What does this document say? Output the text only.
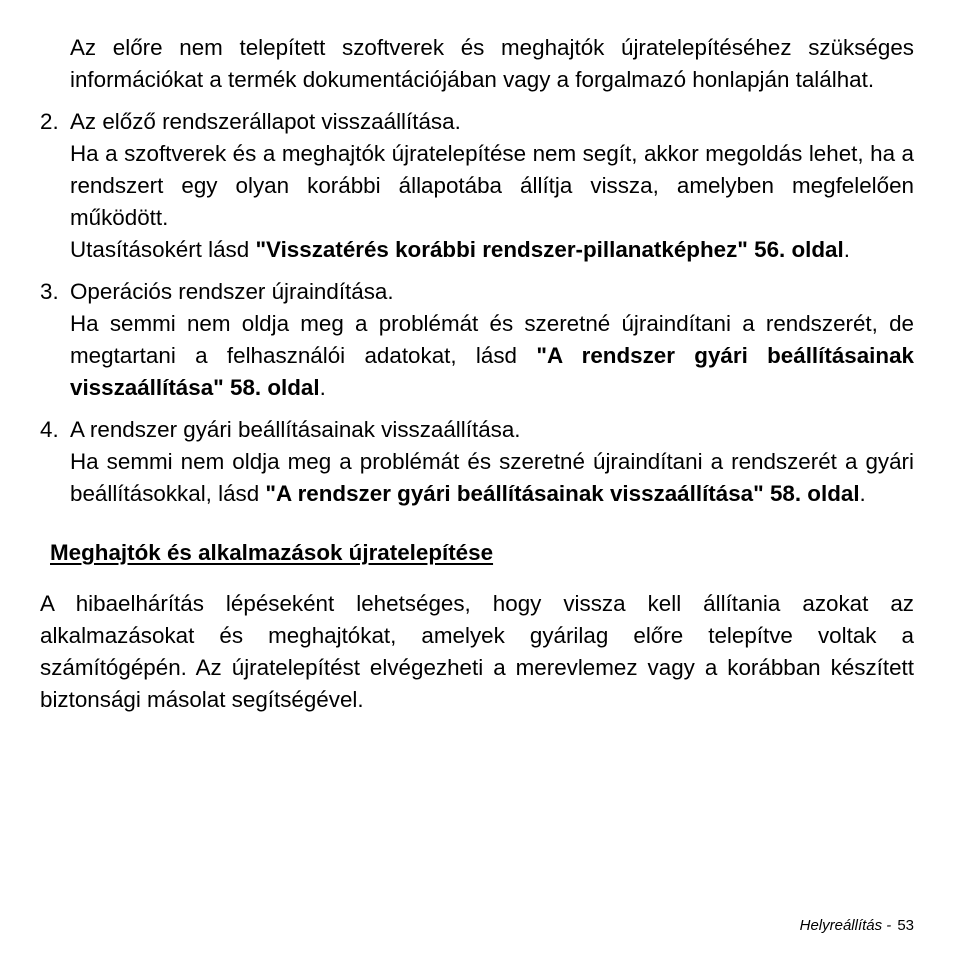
Az előre nem telepített szoftverek és meghajtók újratelepítéséhez szükséges információkat a termék dokumentációjában vagy a forgalmazó honlapján találhat.

2. Az előző rendszerállapot visszaállítása.

Ha a szoftverek és a meghajtók újratelepítése nem segít, akkor megoldás lehet, ha a rendszert egy olyan korábbi állapotába állítja vissza, amelyben megfelelően működött.

Utasításokért lásd "Visszatérés korábbi rendszer-pillanatképhez" 56. oldal.

3. Operációs rendszer újraindítása.

Ha semmi nem oldja meg a problémát és szeretné újraindítani a rendszerét, de megtartani a felhasználói adatokat, lásd "A rendszer gyári beállításainak visszaállítása" 58. oldal.

4. A rendszer gyári beállításainak visszaállítása.

Ha semmi nem oldja meg a problémát és szeretné újraindítani a rendszerét a gyári beállításokkal, lásd "A rendszer gyári beállításainak visszaállítása" 58. oldal.

Meghajtók és alkalmazások újratelepítése

A hibaelhárítás lépéseként lehetséges, hogy vissza kell állítania azokat az alkalmazásokat és meghajtókat, amelyek gyárilag előre telepítve voltak a számítógépén. Az újratelepítést elvégezheti a merevlemez vagy a korábban készített biztonsági másolat segítségével.

Helyreállítás - 53
